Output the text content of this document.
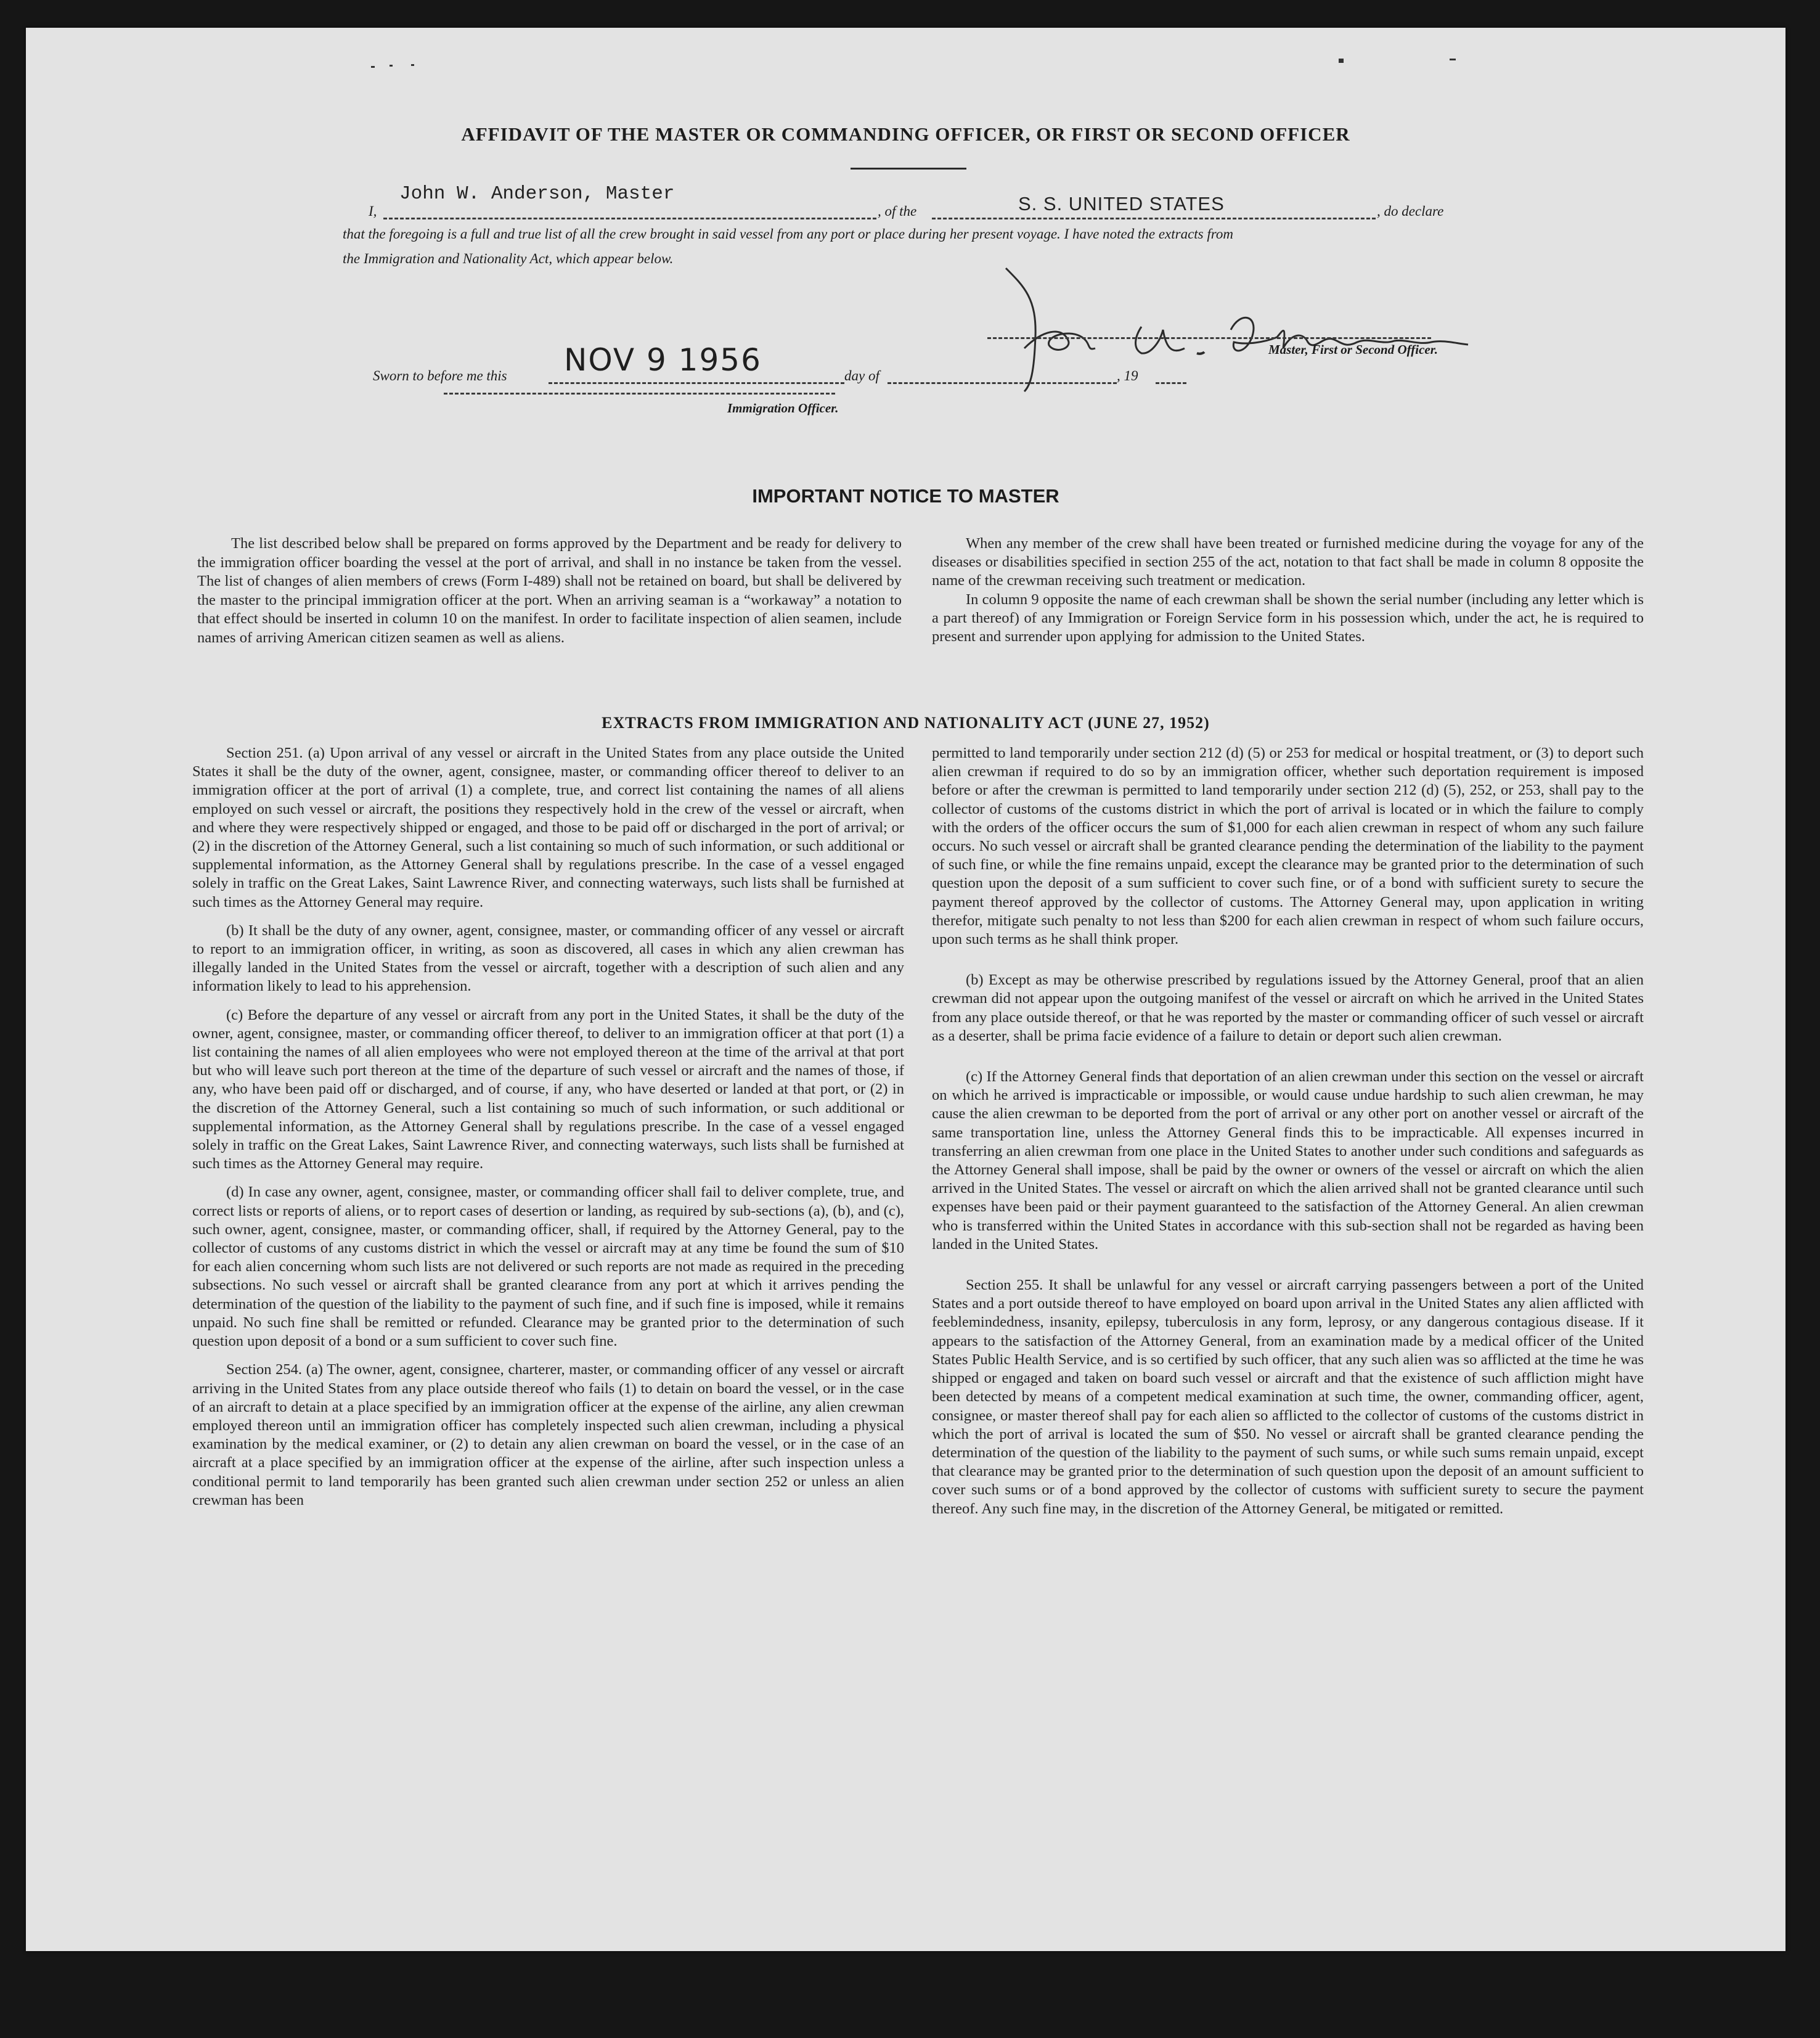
AFFIDAVIT OF THE MASTER OR COMMANDING OFFICER, OR FIRST OR SECOND OFFICER
I,
John W. Anderson, Master
, of the	S. S. UNITED STATES	, do declare
that the foregoing is a full and true list of all the crew brought in said vessel from any port or place during her present voyage. I have noted the extracts from
the Immigration and Nationality Act, which appear below.
Master, First or Second Officer.
Sworn to before me this NOV 9 1956	day of	, 19
Immigration Officer.
IMPORTANT NOTICE TO MASTER

The list described below shall be prepared on forms approved by the Department and be ready for delivery to the immigration officer boarding the vessel at the port of arrival, and shall in no instance be taken from the vessel. The list of changes of alien members of crews (Form I-489) shall not be retained on board, but shall be delivered by the master to the principal immigration officer at the port. When an arriving seaman is a “workaway” a notation to that effect should be inserted in column 10 on the manifest. In order to facilitate inspection of alien seamen, include names of arriving American citizen seamen as well as aliens.

When any member of the crew shall have been treated or furnished medicine during the voyage for any of the diseases or disabilities specified in section 255 of the act, notation to that fact shall be made in column 8 opposite the name of the crewman receiving such treatment or medication.

In column 9 opposite the name of each crewman shall be shown the serial number (including any letter which is a part thereof) of any Immigration or Foreign Service form in his possession which, under the act, he is required to present and surrender upon applying for admission to the United States.

EXTRACTS FROM IMMIGRATION AND NATIONALITY ACT (JUNE 27, 1952)

Section 251. (a) Upon arrival of any vessel or aircraft in the United States from any place outside the United States it shall be the duty of the owner, agent, consignee, master, or commanding officer thereof to deliver to an immigration officer at the port of arrival (1) a complete, true, and correct list containing the names of all aliens employed on such vessel or aircraft, the positions they respectively hold in the crew of the vessel or aircraft, when and where they were respectively shipped or engaged, and those to be paid off or discharged in the port of arrival; or (2) in the discretion of the Attorney General, such a list containing so much of such information, or such additional or supplemental information, as the Attorney General shall by regulations prescribe. In the case of a vessel engaged solely in traffic on the Great Lakes, Saint Lawrence River, and connecting waterways, such lists shall be furnished at such times as the Attorney General may require.

(b) It shall be the duty of any owner, agent, consignee, master, or commanding officer of any vessel or aircraft to report to an immigration officer, in writing, as soon as discovered, all cases in which any alien crewman has illegally landed in the United States from the vessel or aircraft, together with a description of such alien and any information likely to lead to his apprehension.

(c) Before the departure of any vessel or aircraft from any port in the United States, it shall be the duty of the owner, agent, consignee, master, or commanding officer thereof, to deliver to an immigration officer at that port (1) a list containing the names of all alien employees who were not employed thereon at the time of the arrival at that port but who will leave such port thereon at the time of the departure of such vessel or aircraft and the names of those, if any, who have been paid off or discharged, and of course, if any, who have deserted or landed at that port, or (2) in the discretion of the Attorney General, such a list containing so much of such information, or such additional or supplemental information, as the Attorney General shall by regulations prescribe. In the case of a vessel engaged solely in traffic on the Great Lakes, Saint Lawrence River, and connecting waterways, such lists shall be furnished at such times as the Attorney General may require.

(d) In case any owner, agent, consignee, master, or commanding officer shall fail to deliver complete, true, and correct lists or reports of aliens, or to report cases of desertion or landing, as required by sub-sections (a), (b), and (c), such owner, agent, consignee, master, or commanding officer, shall, if required by the Attorney General, pay to the collector of customs of any customs district in which the vessel or aircraft may at any time be found the sum of $10 for each alien concerning whom such lists are not delivered or such reports are not made as required in the preceding subsections. No such vessel or aircraft shall be granted clearance from any port at which it arrives pending the determination of the question of the liability to the payment of such fine, and if such fine is imposed, while it remains unpaid. No such fine shall be remitted or refunded. Clearance may be granted prior to the determination of such question upon deposit of a bond or a sum sufficient to cover such fine.

Section 254. (a) The owner, agent, consignee, charterer, master, or commanding officer of any vessel or aircraft arriving in the United States from any place outside thereof who fails (1) to detain on board the vessel, or in the case of an aircraft to detain at a place specified by an immigration officer at the expense of the airline, any alien crewman employed thereon until an immigration officer has completely inspected such alien crewman, including a physical examination by the medical examiner, or (2) to detain any alien crewman on board the vessel, or in the case of an aircraft at a place specified by an immigration officer at the expense of the airline, after such inspection unless a conditional permit to land temporarily has been granted such alien crewman under section 252 or unless an alien crewman has been

permitted to land temporarily under section 212 (d) (5) or 253 for medical or hospital treatment, or (3) to deport such alien crewman if required to do so by an immigration officer, whether such deportation requirement is imposed before or after the crewman is permitted to land temporarily under section 212 (d) (5), 252, or 253, shall pay to the collector of customs of the customs district in which the port of arrival is located or in which the failure to comply with the orders of the officer occurs the sum of $1,000 for each alien crewman in respect of whom any such failure occurs. No such vessel or aircraft shall be granted clearance pending the determination of the liability to the payment of such fine, or while the fine remains unpaid, except the clearance may be granted prior to the determination of such question upon the deposit of a sum sufficient to cover such fine, or of a bond with sufficient surety to secure the payment thereof approved by the collector of customs. The Attorney General may, upon application in writing therefor, mitigate such penalty to not less than $200 for each alien crewman in respect of whom such failure occurs, upon such terms as he shall think proper.

(b) Except as may be otherwise prescribed by regulations issued by the Attorney General, proof that an alien crewman did not appear upon the outgoing manifest of the vessel or aircraft on which he arrived in the United States from any place outside thereof, or that he was reported by the master or commanding officer of such vessel or aircraft as a deserter, shall be prima facie evidence of a failure to detain or deport such alien crewman.

(c) If the Attorney General finds that deportation of an alien crewman under this section on the vessel or aircraft on which he arrived is impracticable or impossible, or would cause undue hardship to such alien crewman, he may cause the alien crewman to be deported from the port of arrival or any other port on another vessel or aircraft of the same transportation line, unless the Attorney General finds this to be impracticable. All expenses incurred in transferring an alien crewman from one place in the United States to another under such conditions and safeguards as the Attorney General shall impose, shall be paid by the owner or owners of the vessel or aircraft on which the alien arrived in the United States. The vessel or aircraft on which the alien arrived shall not be granted clearance until such expenses have been paid or their payment guaranteed to the satisfaction of the Attorney General. An alien crewman who is transferred within the United States in accordance with this sub-section shall not be regarded as having been landed in the United States.

Section 255. It shall be unlawful for any vessel or aircraft carrying passengers between a port of the United States and a port outside thereof to have employed on board upon arrival in the United States any alien afflicted with feeblemindedness, insanity, epilepsy, tuberculosis in any form, leprosy, or any dangerous contagious disease. If it appears to the satisfaction of the Attorney General, from an examination made by a medical officer of the United States Public Health Service, and is so certified by such officer, that any such alien was so afflicted at the time he was shipped or engaged and taken on board such vessel or aircraft and that the existence of such affliction might have been detected by means of a competent medical examination at such time, the owner, commanding officer, agent, consignee, or master thereof shall pay for each alien so afflicted to the collector of customs of the customs district in which the port of arrival is located the sum of $50. No vessel or aircraft shall be granted clearance pending the determination of the question of the liability to the payment of such sums, or while such sums remain unpaid, except that clearance may be granted prior to the determination of such question upon the deposit of an amount sufficient to cover such sums or of a bond approved by the collector of customs with sufficient surety to secure the payment thereof. Any such fine may, in the discretion of the Attorney General, be mitigated or remitted.
